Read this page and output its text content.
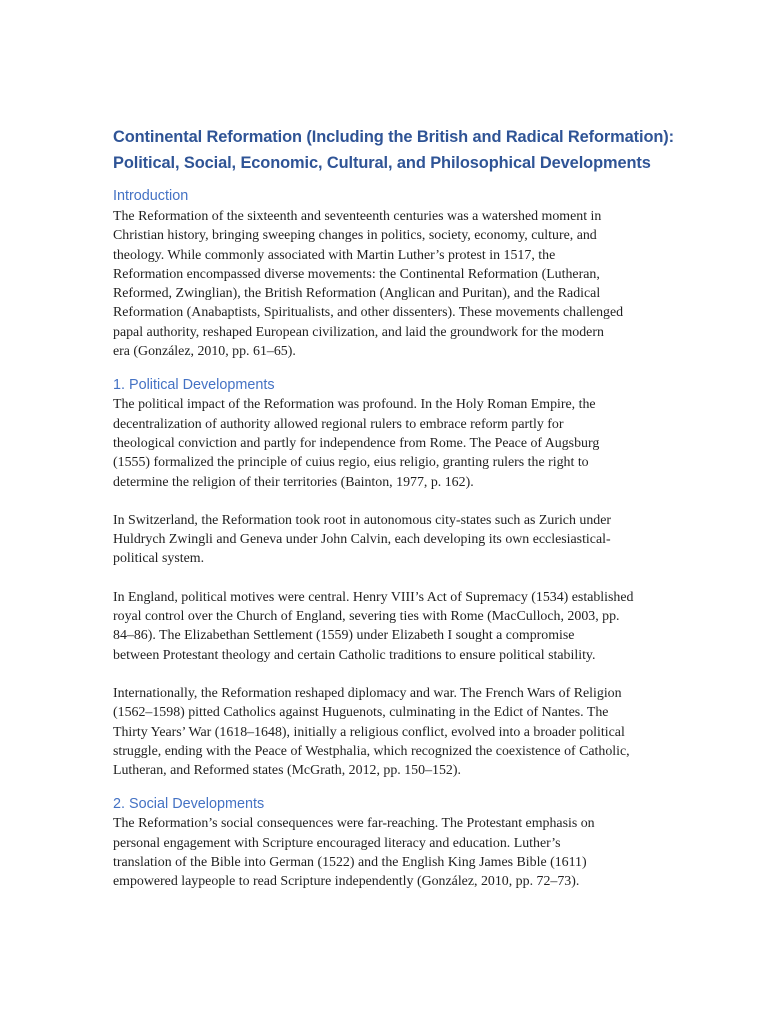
Continental Reformation (Including the British and Radical Reformation):
Political, Social, Economic, Cultural, and Philosophical Developments
Introduction

The Reformation of the sixteenth and seventeenth centuries was a watershed moment in
Christian history, bringing sweeping changes in politics, society, economy, culture, and
theology. While commonly associated with Martin Luther’s protest in 1517, the
Reformation encompassed diverse movements: the Continental Reformation (Lutheran,
Reformed, Zwinglian), the British Reformation (Anglican and Puritan), and the Radical
Reformation (Anabaptists, Spiritualists, and other dissenters). These movements challenged
papal authority, reshaped European civilization, and laid the groundwork for the modern
era (González, 2010, pp. 61–65).

1. Political Developments

The political impact of the Reformation was profound. In the Holy Roman Empire, the
decentralization of authority allowed regional rulers to embrace reform partly for
theological conviction and partly for independence from Rome. The Peace of Augsburg
(1555) formalized the principle of cuius regio, eius religio, granting rulers the right to
determine the religion of their territories (Bainton, 1977, p. 162).

In Switzerland, the Reformation took root in autonomous city-states such as Zurich under
Huldrych Zwingli and Geneva under John Calvin, each developing its own ecclesiastical-
political system.

In England, political motives were central. Henry VIII’s Act of Supremacy (1534) established
royal control over the Church of England, severing ties with Rome (MacCulloch, 2003, pp.
84–86). The Elizabethan Settlement (1559) under Elizabeth I sought a compromise
between Protestant theology and certain Catholic traditions to ensure political stability.

Internationally, the Reformation reshaped diplomacy and war. The French Wars of Religion
(1562–1598) pitted Catholics against Huguenots, culminating in the Edict of Nantes. The
Thirty Years’ War (1618–1648), initially a religious conflict, evolved into a broader political
struggle, ending with the Peace of Westphalia, which recognized the coexistence of Catholic,
Lutheran, and Reformed states (McGrath, 2012, pp. 150–152).

2. Social Developments

The Reformation’s social consequences were far-reaching. The Protestant emphasis on
personal engagement with Scripture encouraged literacy and education. Luther’s
translation of the Bible into German (1522) and the English King James Bible (1611)
empowered laypeople to read Scripture independently (González, 2010, pp. 72–73).
